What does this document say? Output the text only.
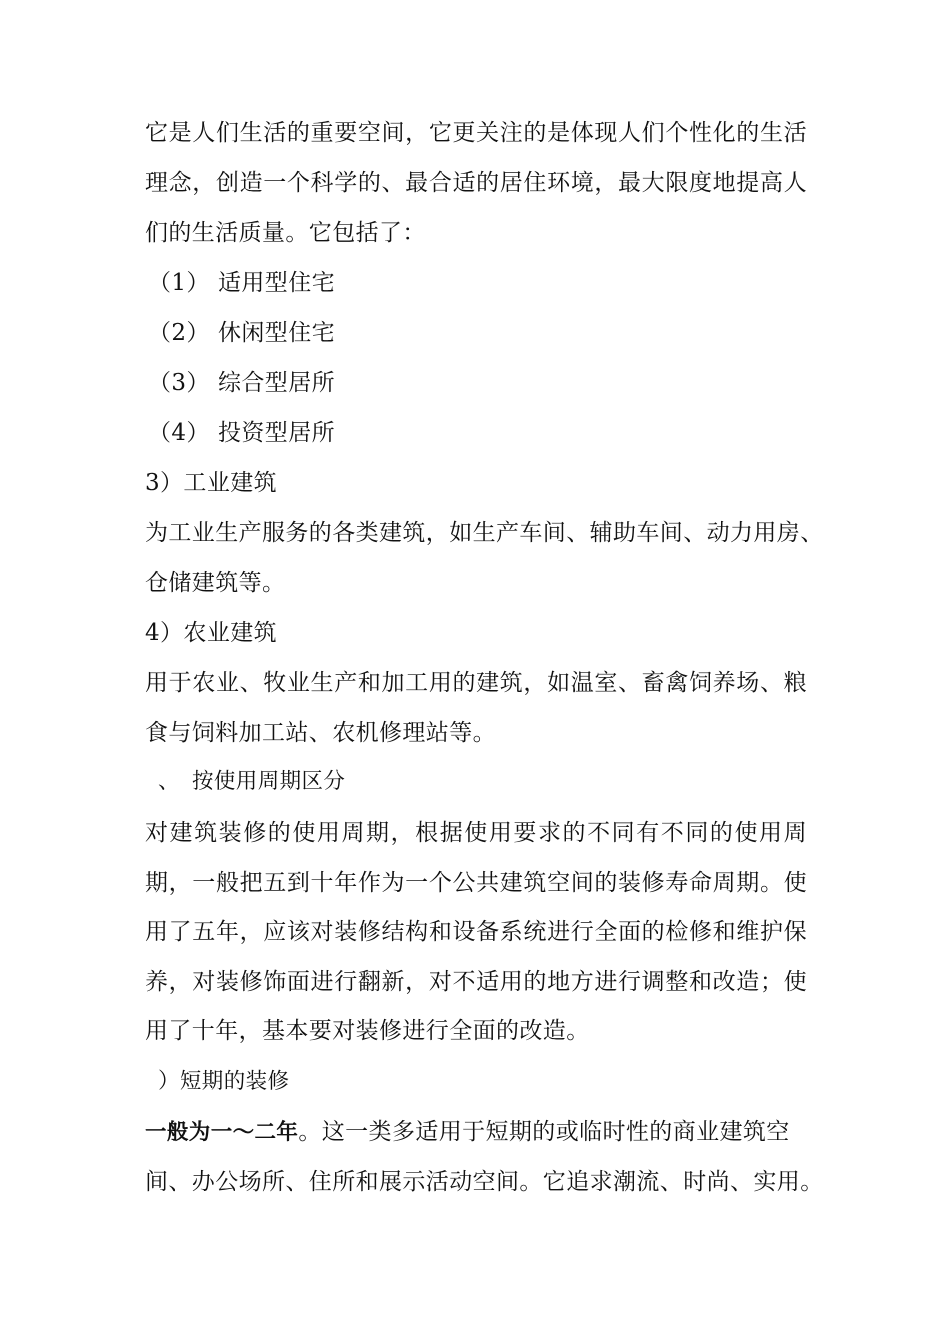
它是人们生活的重要空间，它更关注的是体现人们个性化的生活
理念，创造一个科学的、最合适的居住环境，最大限度地提高人
们的生活质量。它包括了：
（1） 适用型住宅
（2） 休闲型住宅
（3） 综合型居所
（4） 投资型居所
3）工业建筑
为工业生产服务的各类建筑，如生产车间、辅助车间、动力用房、
仓储建筑等。
4）农业建筑
用于农业、牧业生产和加工用的建筑，如温室、畜禽饲养场、粮
食与饲料加工站、农机修理站等。
、 按使用周期区分
对建筑装修的使用周期，根据使用要求的不同有不同的使用周
期，一般把五到十年作为一个公共建筑空间的装修寿命周期。使
用了五年，应该对装修结构和设备系统进行全面的检修和维护保
养，对装修饰面进行翻新，对不适用的地方进行调整和改造；使
用了十年，基本要对装修进行全面的改造。
）短期的装修
一般为一～二年。这一类多适用于短期的或临时性的商业建筑空
间、办公场所、住所和展示活动空间。它追求潮流、时尚、实用。
